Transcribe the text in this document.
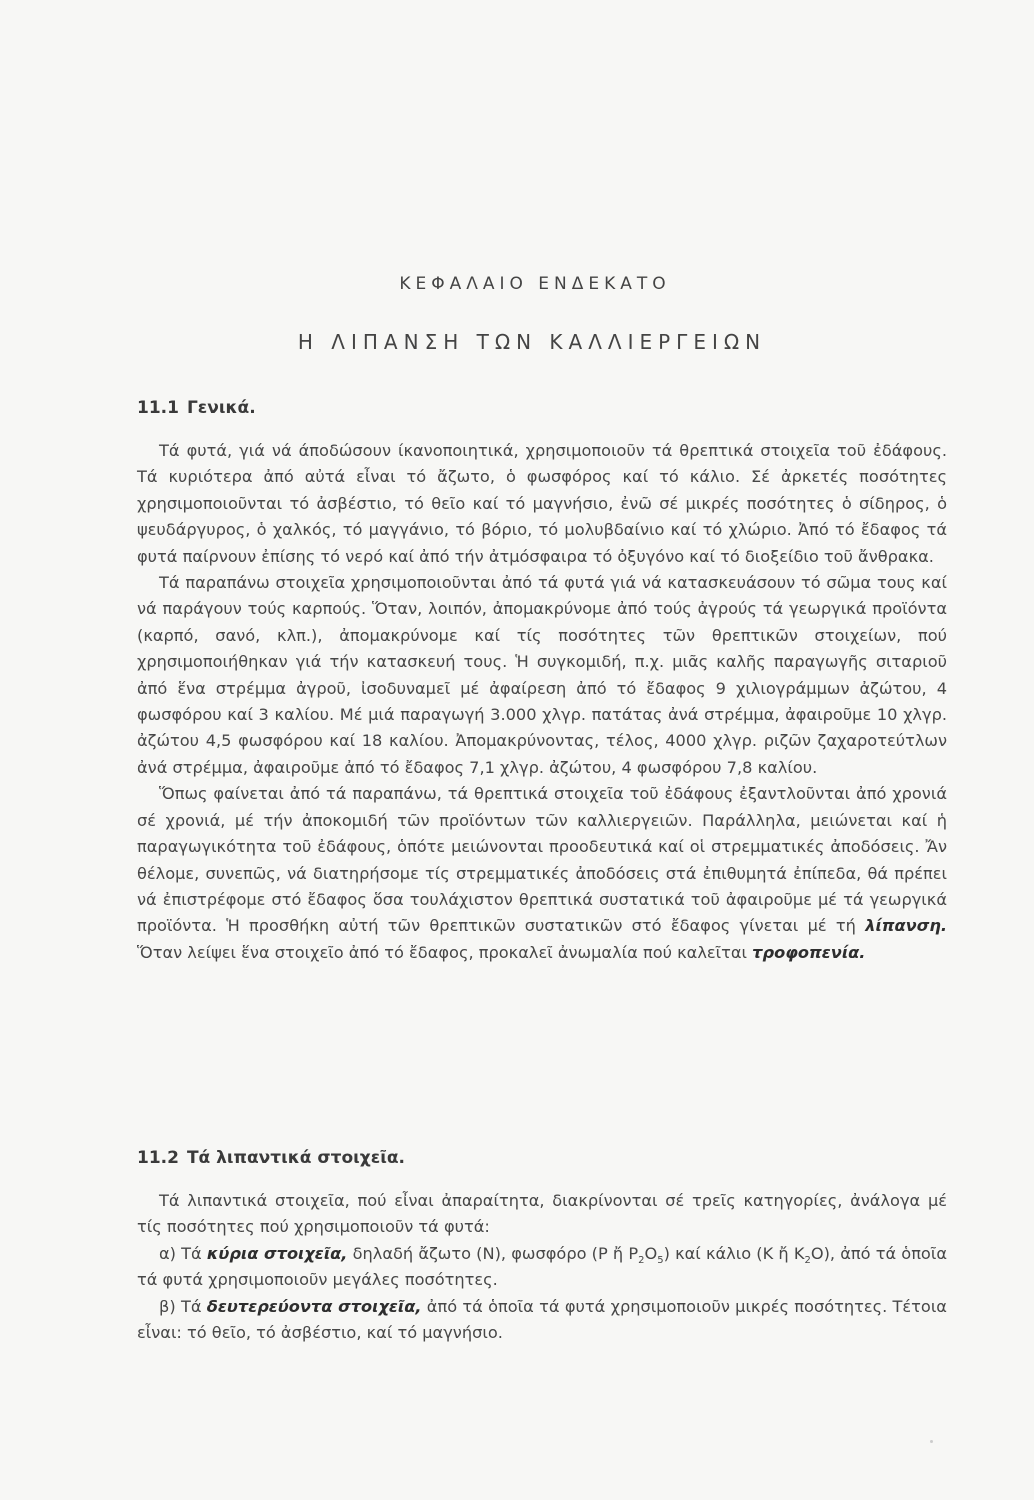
ΚΕΦΑΛΑΙΟ ΕΝΔΕΚΑΤΟ
Η ΛΙΠΑΝΣΗ ΤΩΝ ΚΑΛΛΙΕΡΓΕΙΩΝ
11.1 Γενικά.

Τά φυτά, γιά νά άποδώσουν ίκανοποιητικά, χρησιμοποιοῦν τά θρεπτικά στοιχεῖα τοῦ ἐδάφους. Τά κυριότερα ἀπό αὐτά εἶναι τό ἄζωτο, ὁ φωσφόρος καί τό κάλιο. Σέ ἀρκετές ποσότητες χρησιμοποιοῦνται τό ἀσβέστιο, τό θεῖο καί τό μαγνήσιο, ἐνῶ σέ μικρές ποσότητες ὁ σίδηρος, ὁ ψευδάργυρος, ὁ χαλκός, τό μαγγάνιο, τό βόριο, τό μολυβδαίνιο καί τό χλώριο. Ἀπό τό ἔδαφος τά φυτά παίρνουν ἐπίσης τό νερό καί ἀπό τήν ἀτμόσφαιρα τό ὀξυγόνο καί τό διοξείδιο τοῦ ἄνθρακα.

Τά παραπάνω στοιχεῖα χρησιμοποιοῦνται ἀπό τά φυτά γιά νά κατασκευάσουν τό σῶμα τους καί νά παράγουν τούς καρπούς. Ὅταν, λοιπόν, ἀπομακρύνομε ἀπό τούς ἀγρούς τά γεωργικά προϊόντα (καρπό, σανό, κλπ.), ἀπομακρύνομε καί τίς ποσότητες τῶν θρεπτικῶν στοιχείων, πού χρησιμοποιήθηκαν γιά τήν κατασκευή τους. Ἡ συγκομιδή, π.χ. μιᾶς καλῆς παραγωγῆς σιταριοῦ ἀπό ἕνα στρέμμα ἀγροῦ, ἰσοδυναμεῖ μέ ἀφαίρεση ἀπό τό ἔδαφος 9 χιλιογράμμων ἀζώτου, 4 φωσφόρου καί 3 καλίου. Μέ μιά παραγωγή 3.000 χλγρ. πατάτας ἀνά στρέμμα, ἀφαιροῦμε 10 χλγρ. ἀζώτου 4,5 φωσφόρου καί 18 καλίου. Ἀπομακρύνοντας, τέλος, 4000 χλγρ. ριζῶν ζαχαροτεύτλων ἀνά στρέμμα, ἀφαιροῦμε ἀπό τό ἔδαφος 7,1 χλγρ. ἀζώτου, 4 φωσφόρου 7,8 καλίου.

Ὅπως φαίνεται ἀπό τά παραπάνω, τά θρεπτικά στοιχεῖα τοῦ ἐδάφους ἐξαντλοῦνται ἀπό χρονιά σέ χρονιά, μέ τήν ἀποκομιδή τῶν προϊόντων τῶν καλλιεργειῶν. Παράλληλα, μειώνεται καί ἡ παραγωγικότητα τοῦ ἐδάφους, ὁπότε μειώνονται προοδευτικά καί οἱ στρεμματικές ἀποδόσεις. Ἄν θέλομε, συνεπῶς, νά διατηρήσομε τίς στρεμματικές ἀποδόσεις στά ἐπιθυμητά ἐπίπεδα, θά πρέπει νά ἐπιστρέφομε στό ἔδαφος ὅσα τουλάχιστον θρεπτικά συστατικά τοῦ ἀφαιροῦμε μέ τά γεωργικά προϊόντα. Ἡ προσθήκη αὐτή τῶν θρεπτικῶν συστατικῶν στό ἔδαφος γίνεται μέ τή λίπανση. Ὅταν λείψει ἕνα στοιχεῖο ἀπό τό ἔδαφος, προκαλεῖ ἀνωμαλία πού καλεῖται τροφοπενία.

11.2 Τά λιπαντικά στοιχεῖα.

Τά λιπαντικά στοιχεῖα, πού εἶναι ἀπαραίτητα, διακρίνονται σέ τρεῖς κατηγορίες, ἀνάλογα μέ τίς ποσότητες πού χρησιμοποιοῦν τά φυτά:

α) Τά κύρια στοιχεῖα, δηλαδή ἄζωτο (N), φωσφόρο (P ἤ $P_2O_5$) καί κάλιο (K ἤ $K_2O$), ἀπό τά ὁποῖα τά φυτά χρησιμοποιοῦν μεγάλες ποσότητες.

β) Τά δευτερεύοντα στοιχεῖα, ἀπό τά ὁποῖα τά φυτά χρησιμοποιοῦν μικρές ποσότητες. Τέτοια εἶναι: τό θεῖο, τό ἀσβέστιο, καί τό μαγνήσιο.
